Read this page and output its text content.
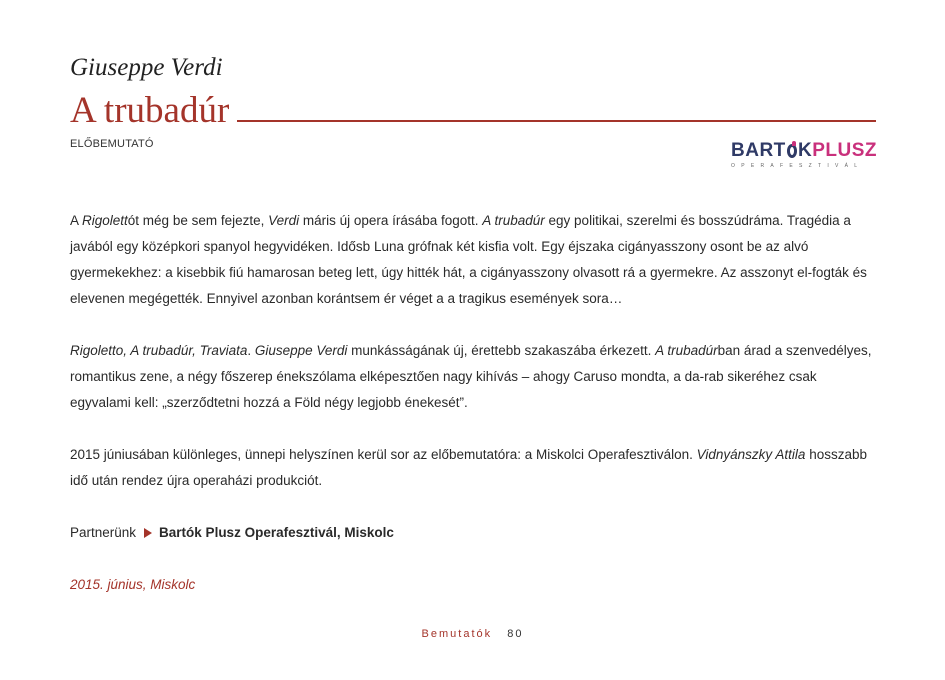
Giuseppe Verdi
A trubadúr
ELŐBEMUTATÓ	BART K PLUSZ
OPERAFESZTIVÁL

A Rigolettót még be sem fejezte, Verdi máris új opera írásába fogott. A trubadúr egy politikai, szerelmi és bosszúdráma. Tragédia a javából egy középkori spanyol hegyvidéken. Idősb Luna grófnak két kisfia volt. Egy éjszaka cigányasszony osont be az alvó gyermekekhez: a kisebbik fiú hamarosan beteg lett, úgy hitték hát, a cigányasszony olvasott rá a gyermekre. Az asszonyt el-fogták és elevenen megégették. Ennyivel azonban korántsem ér véget a a tragikus események sora…

Rigoletto, A trubadúr, Traviata. Giuseppe Verdi munkásságának új, érettebb szakaszába érkezett. A trubadúrban árad a szenvedélyes, romantikus zene, a négy főszerep énekszólama elképesztően nagy kihívás – ahogy Caruso mondta, a da-rab sikeréhez csak egyvalami kell: „szerződtetni hozzá a Föld négy legjobb énekesét”.

2015 júniusában különleges, ünnepi helyszínen kerül sor az előbemutatóra: a Miskolci Operafesztiválon. Vidnyánszky Attila hosszabb idő után rendez újra operaházi produkciót.

Partnerünk Bartók Plusz Operafesztivál, Miskolc

2015. június, Miskolc

Bemutatók 80
